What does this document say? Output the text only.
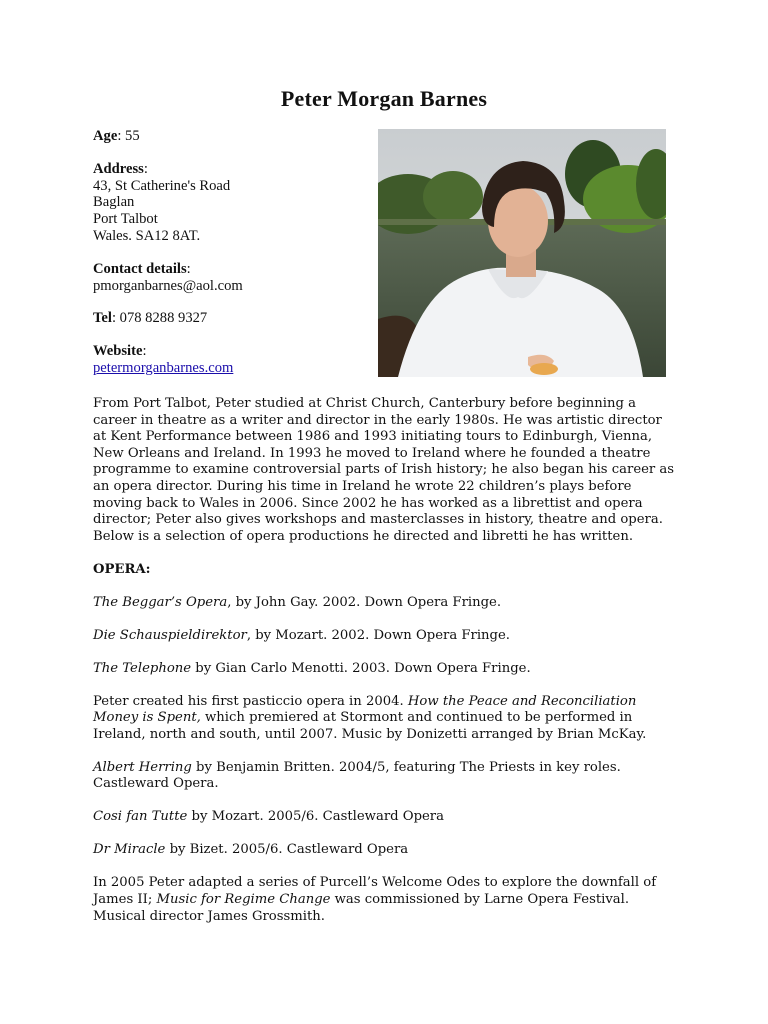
Peter Morgan Barnes

Age: 55

Address:
43, St Catherine's Road
Baglan
Port Talbot
Wales. SA12 8AT.

Contact details:
pmorganbarnes@aol.com

Tel: 078 8288 9327

Website:
petermorganbarnes.com

From Port Talbot, Peter studied at Christ Church, Canterbury before beginning a career in theatre as a writer and director in the early 1980s. He was artistic director at Kent Performance between 1986 and 1993 initiating tours to Edinburgh, Vienna, New Orleans and Ireland. In 1993 he moved to Ireland where he founded a theatre programme to examine controversial parts of Irish history; he also began his career as an opera director. During his time in Ireland he wrote 22 children’s plays before moving back to Wales in 2006. Since 2002 he has worked as a librettist and opera director; Peter also gives workshops and masterclasses in history, theatre and opera. Below is a selection of opera productions he directed and libretti he has written.

OPERA:

The Beggar’s Opera, by John Gay. 2002. Down Opera Fringe.

Die Schauspieldirektor, by Mozart. 2002. Down Opera Fringe.

The Telephone by Gian Carlo Menotti. 2003. Down Opera Fringe.

Peter created his first pasticcio opera in 2004. How the Peace and Reconciliation Money is Spent, which premiered at Stormont and continued to be performed in Ireland, north and south, until 2007. Music by Donizetti arranged by Brian McKay.

Albert Herring by Benjamin Britten. 2004/5, featuring The Priests in key roles. Castleward Opera.

Cosi fan Tutte by Mozart. 2005/6. Castleward Opera

Dr Miracle by Bizet. 2005/6. Castleward Opera

In 2005 Peter adapted a series of Purcell’s Welcome Odes to explore the downfall of James II; Music for Regime Change was commissioned by Larne Opera Festival. Musical director James Grossmith.
